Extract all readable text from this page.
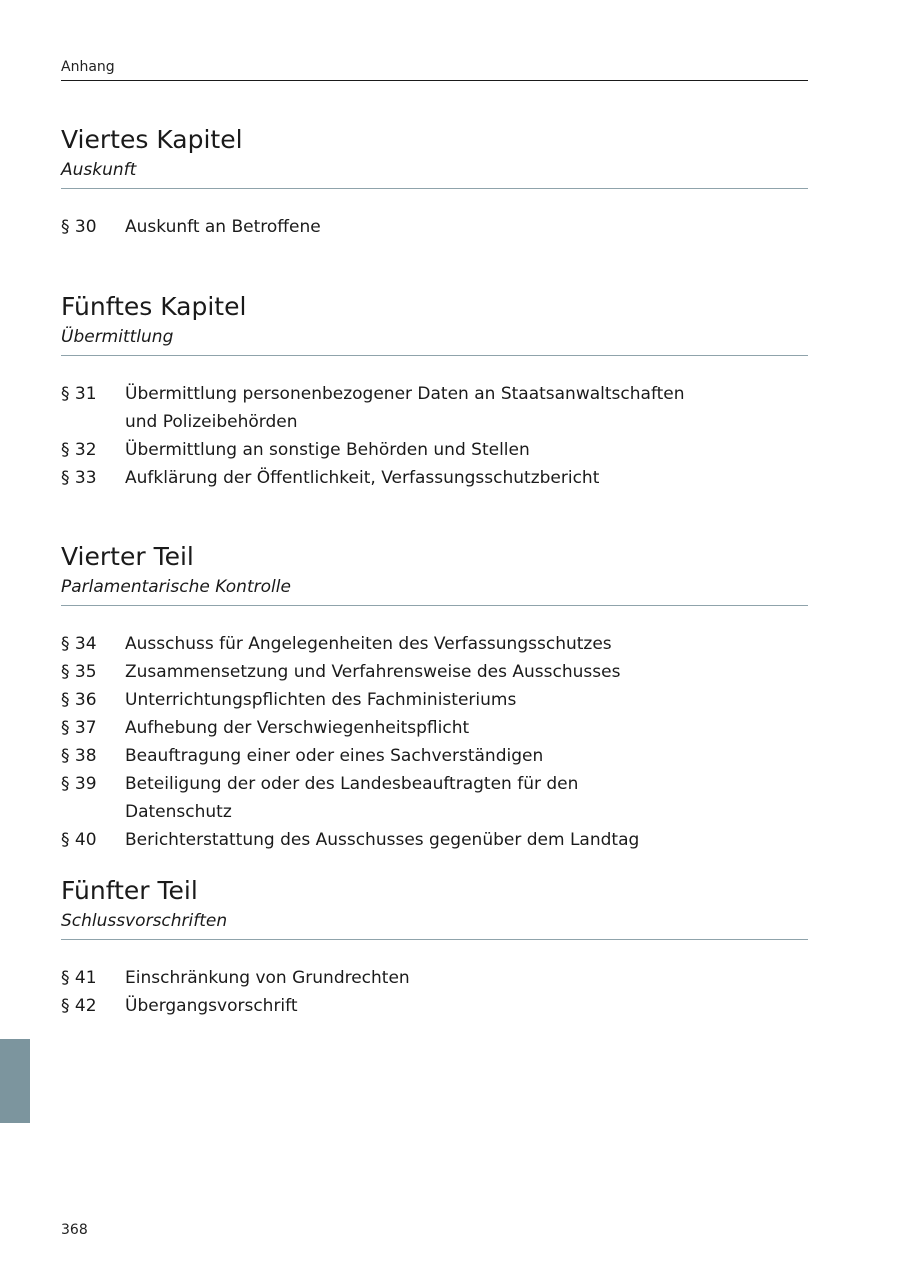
Anhang
Viertes Kapitel
Auskunft
§ 30	Auskunft an Betroffene
Fünftes Kapitel
Übermittlung
§ 31	Übermittlung personenbezogener Daten an Staatsanwaltschaften und Polizeibehörden
§ 32	Übermittlung an sonstige Behörden und Stellen
§ 33	Aufklärung der Öffentlichkeit, Verfassungsschutzbericht
Vierter Teil
Parlamentarische Kontrolle
§ 34	Ausschuss für Angelegenheiten des Verfassungsschutzes
§ 35	Zusammensetzung und Verfahrensweise des Ausschusses
§ 36	Unterrichtungspflichten des Fachministeriums
§ 37	Aufhebung der Verschwiegenheitspflicht
§ 38	Beauftragung einer oder eines Sachverständigen
§ 39	Beteiligung der oder des Landesbeauftragten für den Datenschutz
§ 40	Berichterstattung des Ausschusses gegenüber dem Landtag
Fünfter Teil
Schlussvorschriften
§ 41	Einschränkung von Grundrechten
§ 42	Übergangsvorschrift
368
